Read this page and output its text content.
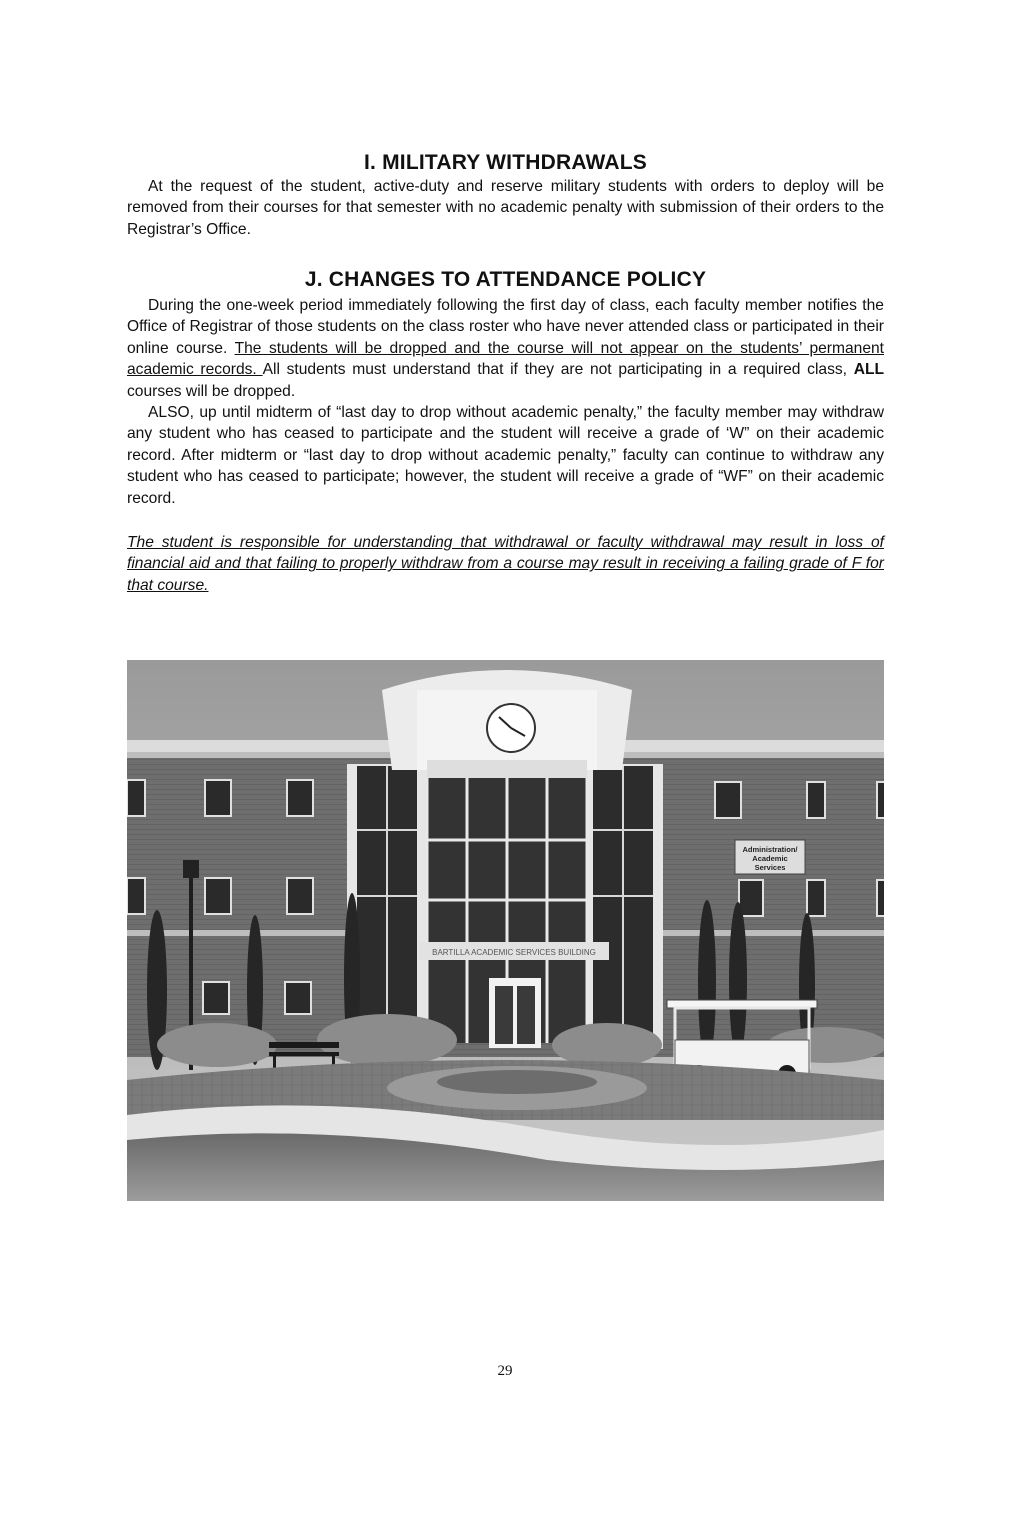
I. MILITARY WITHDRAWALS
At the request of the student, active-duty and reserve military students with orders to deploy will be removed from their courses for that semester with no academic penalty with submission of their orders to the Registrar’s Office.
J. CHANGES TO ATTENDANCE POLICY
During the one-week period immediately following the first day of class, each faculty member notifies the Office of Registrar of those students on the class roster who have never attended class or participated in their online course. The students will be dropped and the course will not appear on the students’ permanent academic records. All students must understand that if they are not participating in a required class, ALL courses will be dropped.
ALSO, up until midterm of “last day to drop without academic penalty,” the faculty member may withdraw any student who has ceased to participate and the student will receive a grade of ‘W” on their academic record. After midterm or “last day to drop without academic penalty,” faculty can continue to withdraw any student who has ceased to participate; however, the student will receive a grade of “WF” on their academic record.
The student is responsible for understanding that withdrawal or faculty withdrawal may result in loss of financial aid and that failing to properly withdraw from a course may result in receiving a failing grade of F for that course.
BARTILLA ACADEMIC SERVICES BUILDING
Administration/
Academic
Services
29
